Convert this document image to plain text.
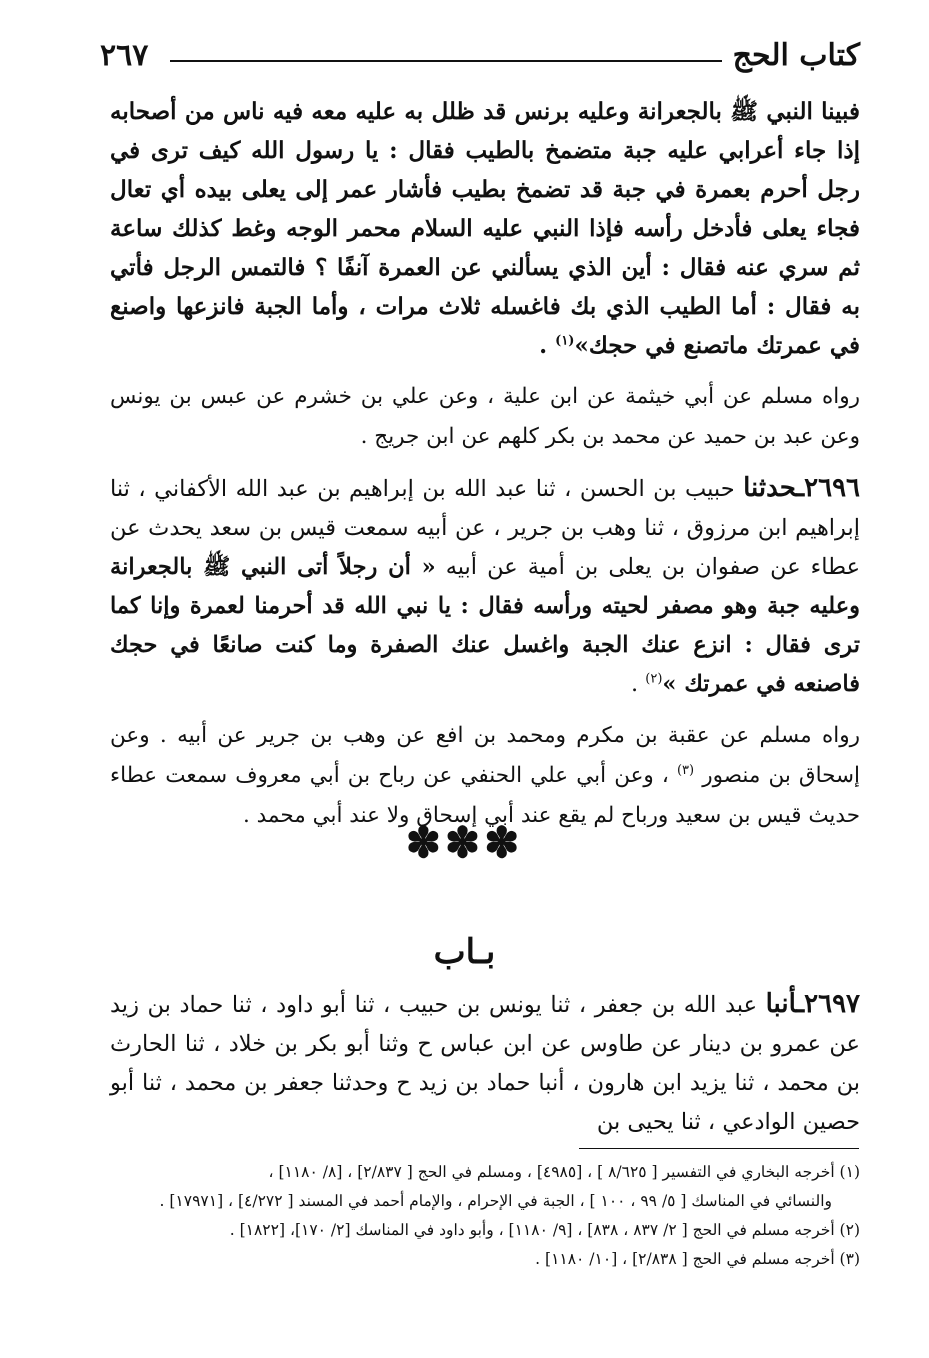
٢٦٧	كتاب الحج

فبينا النبي ﷺ بالجعرانة وعليه برنس قد ظلل به عليه معه فيه ناس من أصحابه إذا جاء أعرابي عليه جبة متضمخ بالطيب فقال : يا رسول الله كيف ترى في رجل أحرم بعمرة في جبة قد تضمخ بطيب فأشار عمر إلى يعلى بيده أي تعال فجاء يعلى فأدخل رأسه فإذا النبي عليه السلام محمر الوجه وغط كذلك ساعة ثم سري عنه فقال : أين الذي يسألني عن العمرة آنفًا ؟ فالتمس الرجل فأتي به فقال : أما الطيب الذي بك فاغسله ثلاث مرات ، وأما الجبة فانزعها واصنع في عمرتك ماتصنع في حجك»$^{(١)}$ .

رواه مسلم عن أبي خيثمة عن ابن علية ، وعن علي بن خشرم عن عبس بن يونس وعن عبد بن حميد عن محمد بن بكر كلهم عن ابن جريج .

٢٦٩٦ـحدثنا حبيب بن الحسن ، ثنا عبد الله بن إبراهيم بن عبد الله الأكفاني ، ثنا إبراهيم ابن مرزوق ، ثنا وهب بن جرير ، عن أبيه سمعت قيس بن سعد يحدث عن عطاء عن صفوان بن يعلى بن أمية عن أبيه « أن رجلاً أتى النبي ﷺ بالجعرانة وعليه جبة وهو مصفر لحيته ورأسه فقال : يا نبي الله قد أحرمنا لعمرة وإنا كما ترى فقال : انزع عنك الجبة واغسل عنك الصفرة وما كنت صانعًا في حجك فاصنعه في عمرتك »$^{(٢)}$ .

رواه مسلم عن عقبة بن مكرم ومحمد بن افع عن وهب بن جرير عن أبيه . وعن إسحاق بن منصور $^{(٣)}$ ، وعن أبي علي الحنفي عن رباح بن أبي معروف سمعت عطاء حديث قيس بن سعيد ورباح لم يقع عند أبي إسحاق ولا عند أبي محمد .

✽✽✽
بـاب

٢٦٩٧ـأنبا عبد الله بن جعفر ، ثنا يونس بن حبيب ، ثنا أبو داود ، ثنا حماد بن زيد عن عمرو بن دينار عن طاوس عن ابن عباس ح وثنا أبو بكر بن خلاد ، ثنا الحارث بن محمد ، ثنا يزيد ابن هارون ، أنبا حماد بن زيد ح وحدثنا جعفر بن محمد ، ثنا أبو حصين الوادعي ، ثنا يحيى بن

(١) أخرجه البخاري في التفسير [ ٨/٦٢٥ ] ، [٤٩٨٥] ، ومسلم في الحج [ ٢/٨٣٧] ، [٨/ ١١٨٠] ،

والنسائي في المناسك [ ٥/ ٩٩ ، ١٠٠ ] ، الجبة في الإحرام ، والإمام أحمد في المسند [ ٤/٢٧٢] ، [١٧٩٧١] .

(٢) أخرجه مسلم في الحج [ ٢/ ٨٣٧ ، ٨٣٨] ، [٩/ ١١٨٠] ، وأبو داود في المناسك [٢/ ١٧٠]، [١٨٢٢] .

(٣) أخرجه مسلم في الحج [ ٢/٨٣٨] ، [١٠/ ١١٨٠] .
